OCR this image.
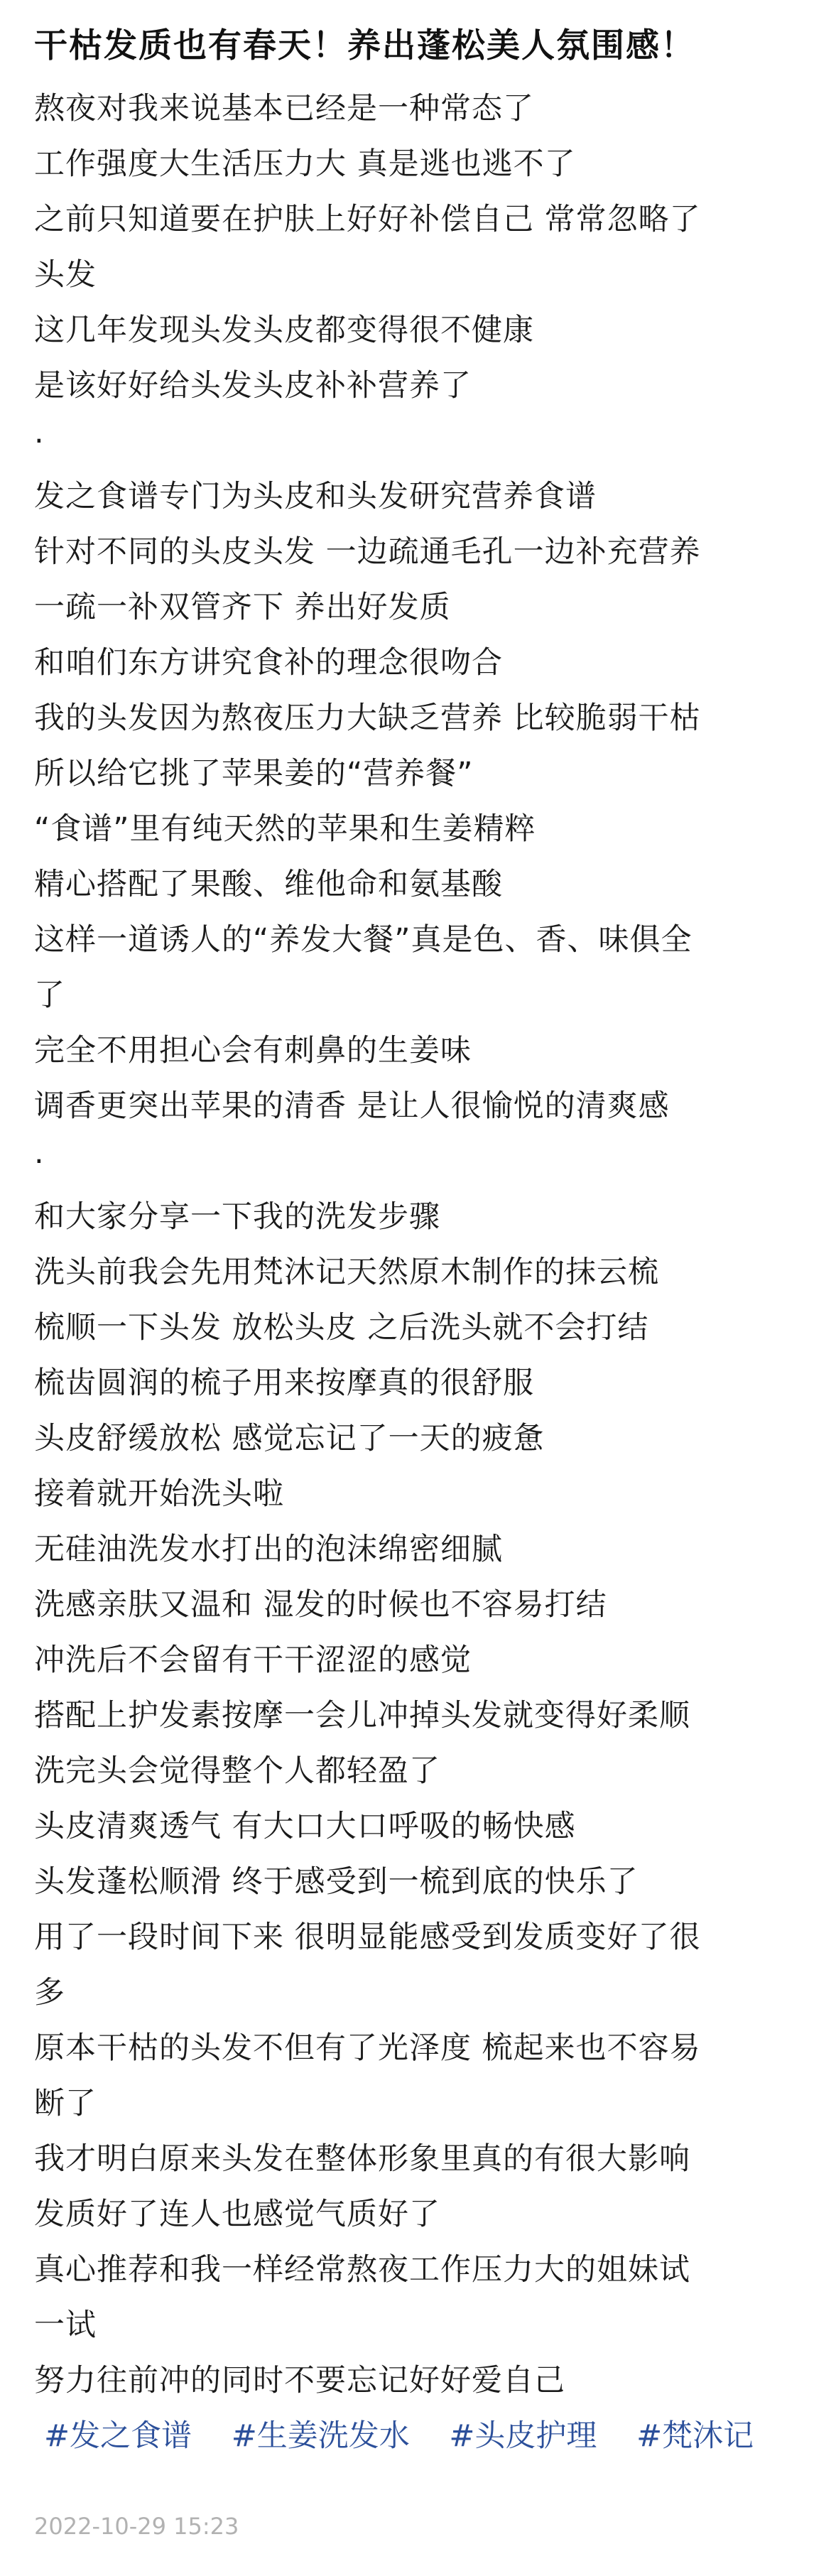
干枯发质也有春天！养出蓬松美人氛围感！
熬夜对我来说基本已经是一种常态了
工作强度大生活压力大 真是逃也逃不了
之前只知道要在护肤上好好补偿自己 常常忽略了
头发
这几年发现头发头皮都变得很不健康
是该好好给头发头皮补补营养了
·
发之食谱专门为头皮和头发研究营养食谱
针对不同的头皮头发 一边疏通毛孔一边补充营养
一疏一补双管齐下 养出好发质
和咱们东方讲究食补的理念很吻合
我的头发因为熬夜压力大缺乏营养 比较脆弱干枯
所以给它挑了苹果姜的“营养餐”
“食谱”里有纯天然的苹果和生姜精粹
精心搭配了果酸、维他命和氨基酸
这样一道诱人的“养发大餐”真是色、香、味俱全
了
完全不用担心会有刺鼻的生姜味
调香更突出苹果的清香 是让人很愉悦的清爽感
·
和大家分享一下我的洗发步骤
洗头前我会先用梵沐记天然原木制作的抹云梳
梳顺一下头发 放松头皮 之后洗头就不会打结
梳齿圆润的梳子用来按摩真的很舒服
头皮舒缓放松 感觉忘记了一天的疲惫
接着就开始洗头啦
无硅油洗发水打出的泡沫绵密细腻
洗感亲肤又温和 湿发的时候也不容易打结
冲洗后不会留有干干涩涩的感觉
搭配上护发素按摩一会儿冲掉头发就变得好柔顺
洗完头会觉得整个人都轻盈了
头皮清爽透气 有大口大口呼吸的畅快感
头发蓬松顺滑 终于感受到一梳到底的快乐了
用了一段时间下来 很明显能感受到发质变好了很
多
原本干枯的头发不但有了光泽度 梳起来也不容易
断了
我才明白原来头发在整体形象里真的有很大影响
发质好了连人也感觉气质好了
真心推荐和我一样经常熬夜工作压力大的姐妹试
一试
努力往前冲的同时不要忘记好好爱自己
#发之食谱 #生姜洗发水 #头皮护理 #梵沐记
2022-10-29 15:23
